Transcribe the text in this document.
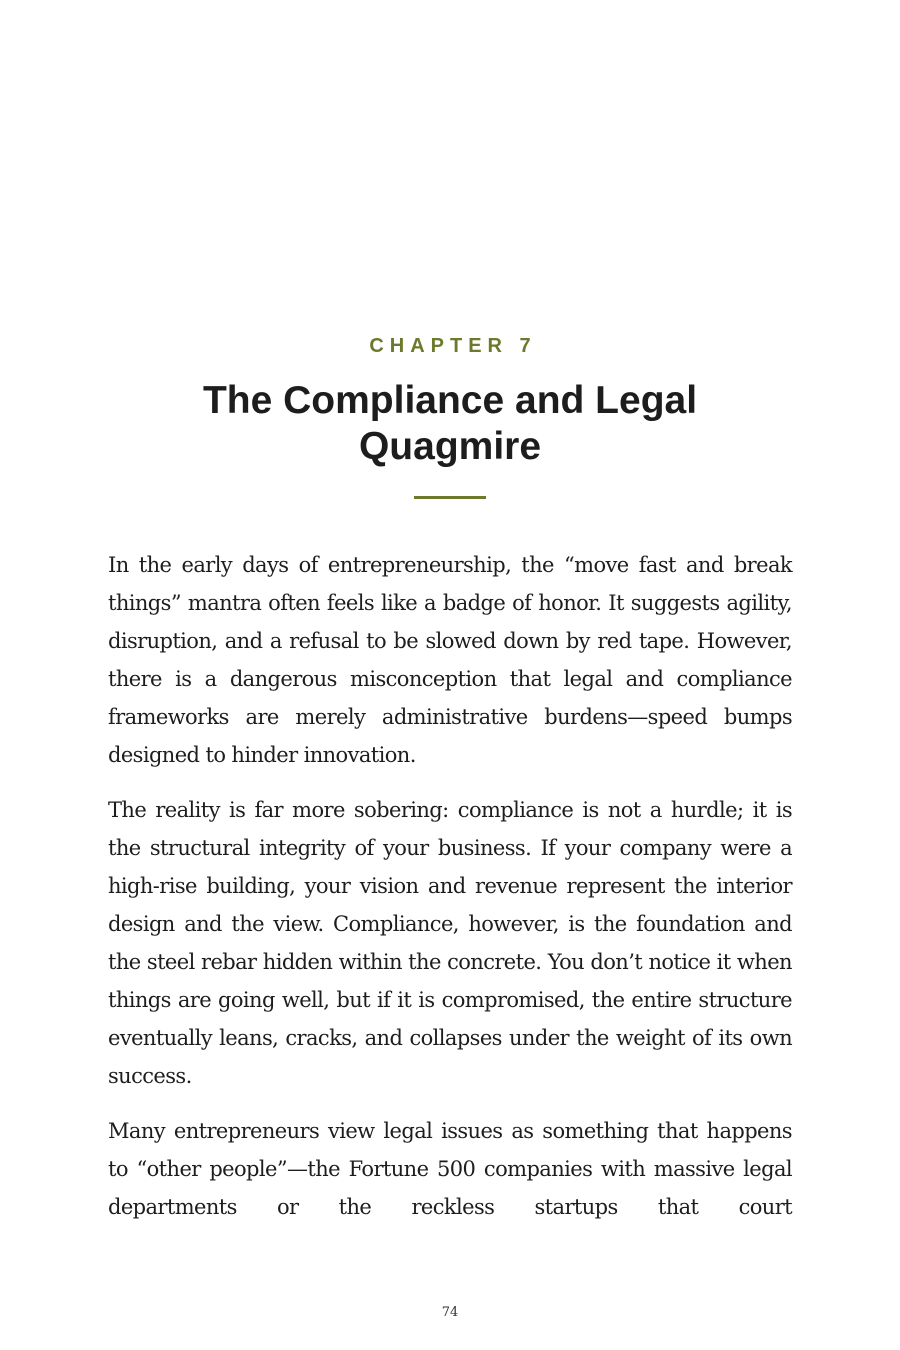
CHAPTER 7
The Compliance and Legal
Quagmire

In the early days of entrepreneurship, the “move fast and break things” mantra often feels like a badge of honor. It suggests agility, disruption, and a refusal to be slowed down by red tape. However, there is a dangerous misconception that legal and compliance frameworks are merely administrative burdens—speed bumps designed to hinder innovation.

The reality is far more sobering: compliance is not a hurdle; it is the structural integrity of your business. If your company were a high-rise building, your vision and revenue represent the interior design and the view. Compliance, however, is the foundation and the steel rebar hidden within the concrete. You don’t notice it when things are going well, but if it is compromised, the entire structure eventually leans, cracks, and collapses under the weight of its own success.

Many entrepreneurs view legal issues as something that happens to “other people”—the Fortune 500 companies with massive legal departments or the reckless startups that court

74
